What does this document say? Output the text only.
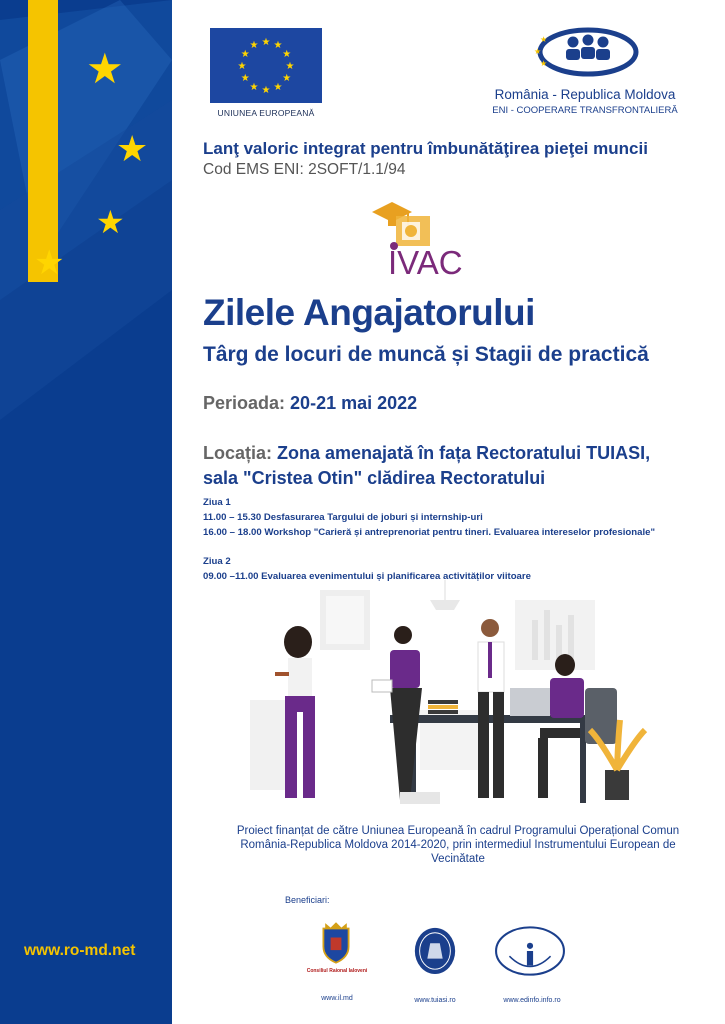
★
★
★
★
www.ro-md.net
★ ★
★
★
★
★
★
★
★
★
★
★
UNIUNEA EUROPEANĂ
★
★
★
România - Republica Moldova
ENI - COOPERARE TRANSFRONTALIERĂ
Lanţ valoric integrat pentru îmbunătăţirea pieţei muncii
Cod EMS ENI: 2SOFT/1.1/94
IVAC
Zilele Angajatorului
Târg de locuri de muncă și Stagii de practică
Perioada: 20-21 mai 2022
Locația: Zona amenajată în fața Rectoratului TUIASI,
sala "Cristea Otin" clădirea Rectoratului
Ziua 1
11.00 – 15.30 Desfasurarea Targului de joburi și internship-uri
16.00 – 18.00 Workshop "Carieră și antreprenoriat pentru tineri. Evaluarea intereselor profesionale"
Ziua 2
09.00 –11.00 Evaluarea evenimentului și planificarea activităților viitoare
Proiect finanțat de către Uniunea Europeană în cadrul Programului Operațional Comun România-Republica Moldova 2014-2020, prin intermediul Instrumentului European de Vecinătate
Beneficiari:
Consiliul Raional Ialoveni
www.il.md	www.tuiasi.ro	www.edinfo.info.ro
